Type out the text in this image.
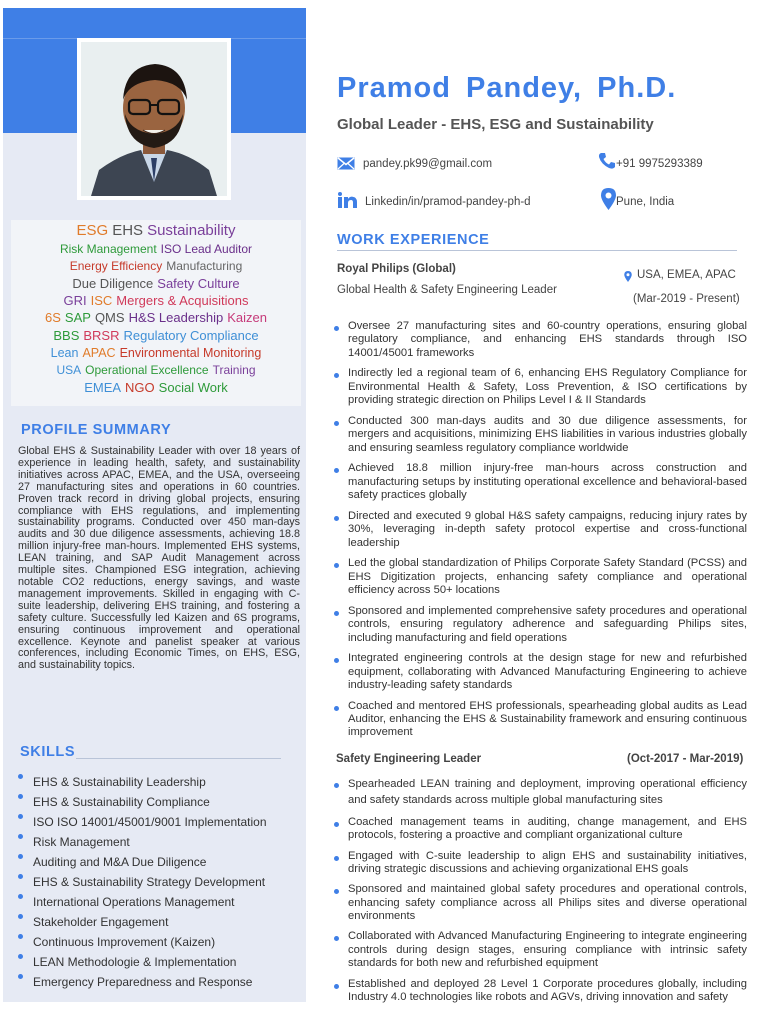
ESG EHS Sustainability
Risk Management ISO Lead Auditor
Energy Efficiency Manufacturing
Due Diligence Safety Culture
GRI ISC Mergers & Acquisitions
6S SAP QMS H&S Leadership Kaizen
BBS BRSR Regulatory Compliance
Lean APAC Environmental Monitoring
USA Operational Excellence Training
EMEA NGO Social Work
PROFILE SUMMARY
Global EHS & Sustainability Leader with over 18 years of experience in leading health, safety, and sustainability initiatives across APAC, EMEA, and the USA, overseeing 27 manufacturing sites and operations in 60 countries. Proven track record in driving global projects, ensuring compliance with EHS regulations, and implementing sustainability programs. Conducted over 450 man-days audits and 30 due diligence assessments, achieving 18.8 million injury-free man-hours. Implemented EHS systems, LEAN training, and SAP Audit Management across multiple sites. Championed ESG integration, achieving notable CO2 reductions, energy savings, and waste management improvements. Skilled in engaging with C-suite leadership, delivering EHS training, and fostering a safety culture. Successfully led Kaizen and 6S programs, ensuring continuous improvement and operational excellence. Keynote and panelist speaker at various conferences, including Economic Times, on EHS, ESG, and sustainability topics.
SKILLS
EHS & Sustainability Leadership
EHS & Sustainability Compliance
ISO ISO 14001/45001/9001 Implementation
Risk Management
Auditing and M&A Due Diligence
EHS & Sustainability Strategy Development
International Operations Management
Stakeholder Engagement
Continuous Improvement (Kaizen)
LEAN Methodologie & Implementation
Emergency Preparedness and Response
Pramod Pandey, Ph.D.
Global Leader - EHS, ESG and Sustainability
pandey.pk99@gmail.com	+91 9975293389
Linkedin/in/pramod-pandey-ph-d	Pune, India
WORK EXPERIENCE
Royal Philips (Global)
Global Health & Safety Engineering Leader
USA, EMEA, APAC
(Mar-2019 - Present)
Oversee 27 manufacturing sites and 60-country operations, ensuring global regulatory compliance, and enhancing EHS standards through ISO 14001/45001 frameworks
Indirectly led a regional team of 6, enhancing EHS Regulatory Compliance for Environmental Health & Safety, Loss Prevention, & ISO certifications by providing strategic direction on Philips Level I & II Standards
Conducted 300 man-days audits and 30 due diligence assessments, for mergers and acquisitions, minimizing EHS liabilities in various industries globally and ensuring seamless regulatory compliance worldwide
Achieved 18.8 million injury-free man-hours across construction and manufacturing setups by instituting operational excellence and behavioral-based safety practices globally
Directed and executed 9 global H&S safety campaigns, reducing injury rates by 30%, leveraging in-depth safety protocol expertise and cross-functional leadership
Led the global standardization of Philips Corporate Safety Standard (PCSS) and EHS Digitization projects, enhancing safety compliance and operational efficiency across 50+ locations
Sponsored and implemented comprehensive safety procedures and operational controls, ensuring regulatory adherence and safeguarding Philips sites, including manufacturing and field operations
Integrated engineering controls at the design stage for new and refurbished equipment, collaborating with Advanced Manufacturing Engineering to achieve industry-leading safety standards
Coached and mentored EHS professionals, spearheading global audits as Lead Auditor, enhancing the EHS & Sustainability framework and ensuring continuous improvement
Safety Engineering Leader	(Oct-2017 - Mar-2019)
Spearheaded LEAN training and deployment, improving operational efficiency and safety standards across multiple global manufacturing sites
Coached management teams in auditing, change management, and EHS protocols, fostering a proactive and compliant organizational culture
Engaged with C-suite leadership to align EHS and sustainability initiatives, driving strategic discussions and achieving organizational EHS goals
Sponsored and maintained global safety procedures and operational controls, enhancing safety compliance across all Philips sites and diverse operational environments
Collaborated with Advanced Manufacturing Engineering to integrate engineering controls during design stages, ensuring compliance with intrinsic safety standards for both new and refurbished equipment
Established and deployed 28 Level 1 Corporate procedures globally, including Industry 4.0 technologies like robots and AGVs, driving innovation and safety
